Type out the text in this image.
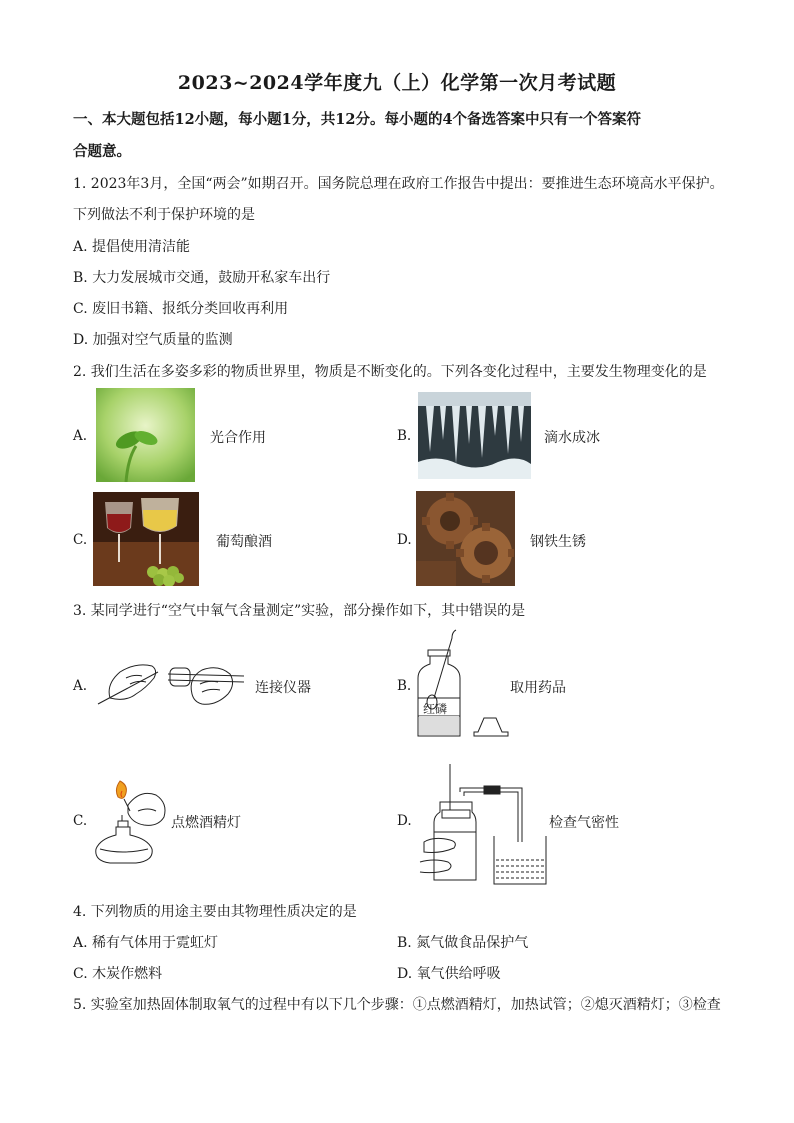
2023~2024学年度九（上）化学第一次月考试题
一、本大题包括12小题，每小题1分，共12分。每小题的4个备选答案中只有一个答案符
合题意。
1. 2023年3月，全国“两会”如期召开。国务院总理在政府工作报告中提出：要推进生态环境高水平保护。
下列做法不利于保护环境的是
A. 提倡使用清洁能
B. 大力发展城市交通，鼓励开私家车出行
C. 废旧书籍、报纸分类回收再利用
D. 加强对空气质量的监测
2. 我们生活在多姿多彩的物质世界里，物质是不断变化的。下列各变化过程中，主要发生物理变化的是
A.	光合作用	B.	滴水成冰
C.	葡萄酿酒	D.	钢铁生锈
3. 某同学进行“空气中氧气含量测定”实验，部分操作如下，其中错误的是
A.	连接仪器	B.
红磷
取用药品
C.	点燃酒精灯	D.	检查气密性
4. 下列物质的用途主要由其物理性质决定的是
A. 稀有气体用于霓虹灯	B. 氮气做食品保护气
C. 木炭作燃料	D. 氧气供给呼吸
5. 实验室加热固体制取氧气的过程中有以下几个步骤：①点燃酒精灯，加热试管；②熄灭酒精灯；③检查
